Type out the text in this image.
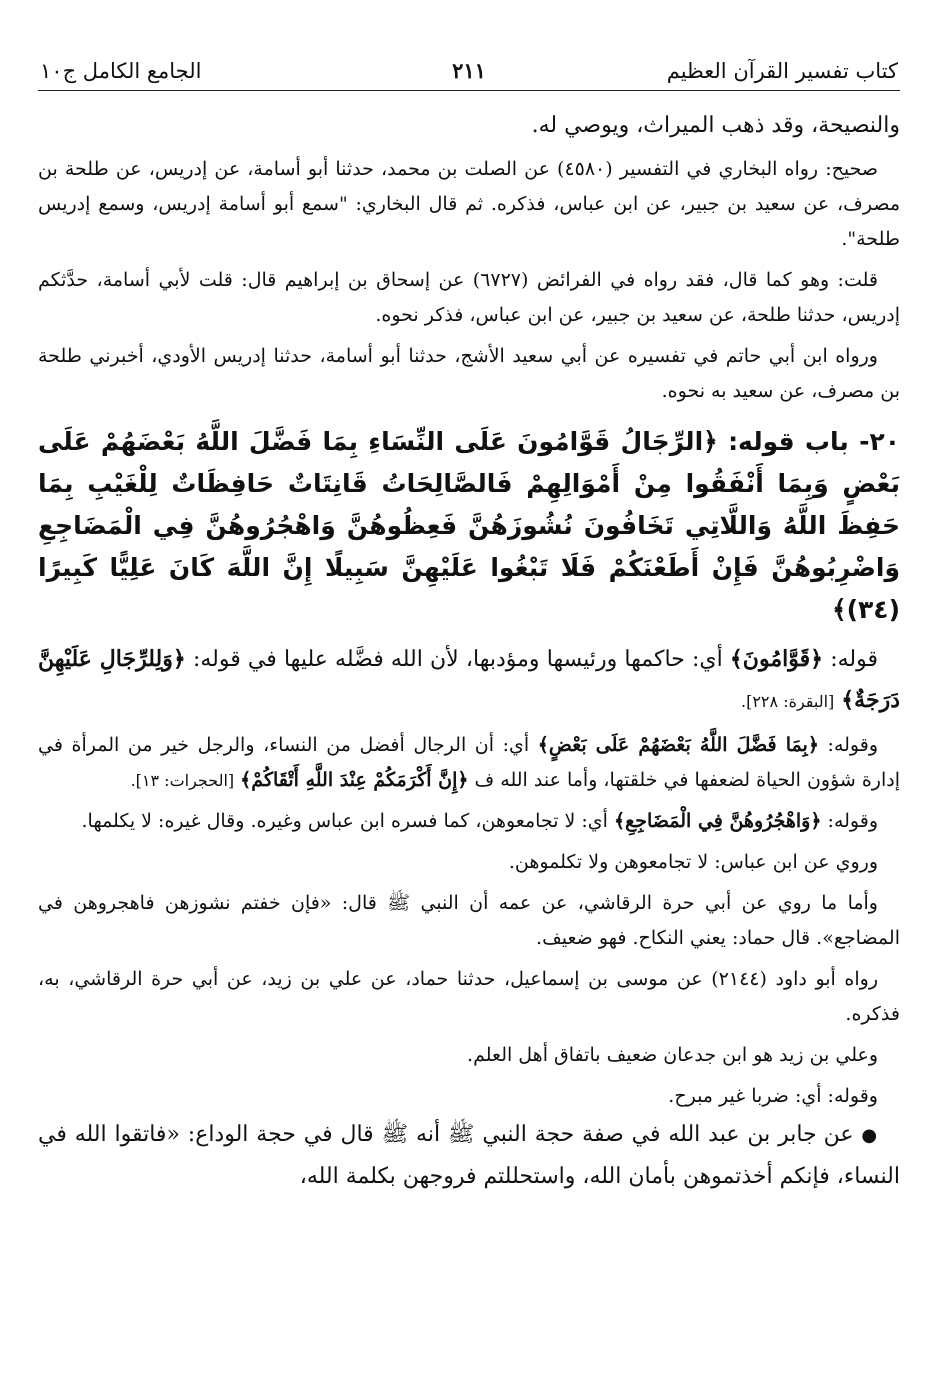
كتاب تفسير القرآن العظيم
٢١١
الجامع الكامل ج١٠

والنصيحة، وقد ذهب الميراث، ويوصي له.

صحيح: رواه البخاري في التفسير (٤٥٨٠) عن الصلت بن محمد، حدثنا أبو أسامة، عن إدريس، عن طلحة بن مصرف، عن سعيد بن جبير، عن ابن عباس، فذكره. ثم قال البخاري: "سمع أبو أسامة إدريس، وسمع إدريس طلحة".

قلت: وهو كما قال، فقد رواه في الفرائض (٦٧٢٧) عن إسحاق بن إبراهيم قال: قلت لأبي أسامة، حدَّثكم إدريس، حدثنا طلحة، عن سعيد بن جبير، عن ابن عباس، فذكر نحوه.

ورواه ابن أبي حاتم في تفسيره عن أبي سعيد الأشج، حدثنا أبو أسامة، حدثنا إدريس الأودي، أخبرني طلحة بن مصرف، عن سعيد به نحوه.

٢٠- باب قوله: ﴿الرِّجَالُ قَوَّامُونَ عَلَى النِّسَاءِ بِمَا فَضَّلَ اللَّهُ بَعْضَهُمْ عَلَى بَعْضٍ وَبِمَا أَنْفَقُوا مِنْ أَمْوَالِهِمْ فَالصَّالِحَاتُ قَانِتَاتٌ حَافِظَاتٌ لِلْغَيْبِ بِمَا حَفِظَ اللَّهُ وَاللَّاتِي تَخَافُونَ نُشُوزَهُنَّ فَعِظُوهُنَّ وَاهْجُرُوهُنَّ فِي الْمَضَاجِعِ وَاضْرِبُوهُنَّ فَإِنْ أَطَعْنَكُمْ فَلَا تَبْغُوا عَلَيْهِنَّ سَبِيلًا إِنَّ اللَّهَ كَانَ عَلِيًّا كَبِيرًا (٣٤)﴾

قوله: ﴿قَوَّامُونَ﴾ أي: حاكمها ورئيسها ومؤدبها، لأن الله فضَّله عليها في قوله: ﴿وَلِلرِّجَالِ عَلَيْهِنَّ دَرَجَةٌ﴾ [البقرة: ٢٢٨].

وقوله: ﴿بِمَا فَضَّلَ اللَّهُ بَعْضَهُمْ عَلَى بَعْضٍ﴾ أي: أن الرجال أفضل من النساء، والرجل خير من المرأة في إدارة شؤون الحياة لضعفها في خلقتها، وأما عند الله ف ﴿إِنَّ أَكْرَمَكُمْ عِنْدَ اللَّهِ أَتْقَاكُمْ﴾ [الحجرات: ١٣].

وقوله: ﴿وَاهْجُرُوهُنَّ فِي الْمَضَاجِعِ﴾ أي: لا تجامعوهن، كما فسره ابن عباس وغيره. وقال غيره: لا يكلمها.

وروي عن ابن عباس: لا تجامعوهن ولا تكلموهن.

وأما ما روي عن أبي حرة الرقاشي، عن عمه أن النبي ﷺ قال: «فإن خفتم نشوزهن فاهجروهن في المضاجع». قال حماد: يعني النكاح. فهو ضعيف.

رواه أبو داود (٢١٤٤) عن موسى بن إسماعيل، حدثنا حماد، عن علي بن زيد، عن أبي حرة الرقاشي، به، فذكره.

وعلي بن زيد هو ابن جدعان ضعيف باتفاق أهل العلم.

وقوله: أي: ضربا غير مبرح.

● عن جابر بن عبد الله في صفة حجة النبي ﷺ أنه ﷺ قال في حجة الوداع: «فاتقوا الله في النساء، فإنكم أخذتموهن بأمان الله، واستحللتم فروجهن بكلمة الله،
